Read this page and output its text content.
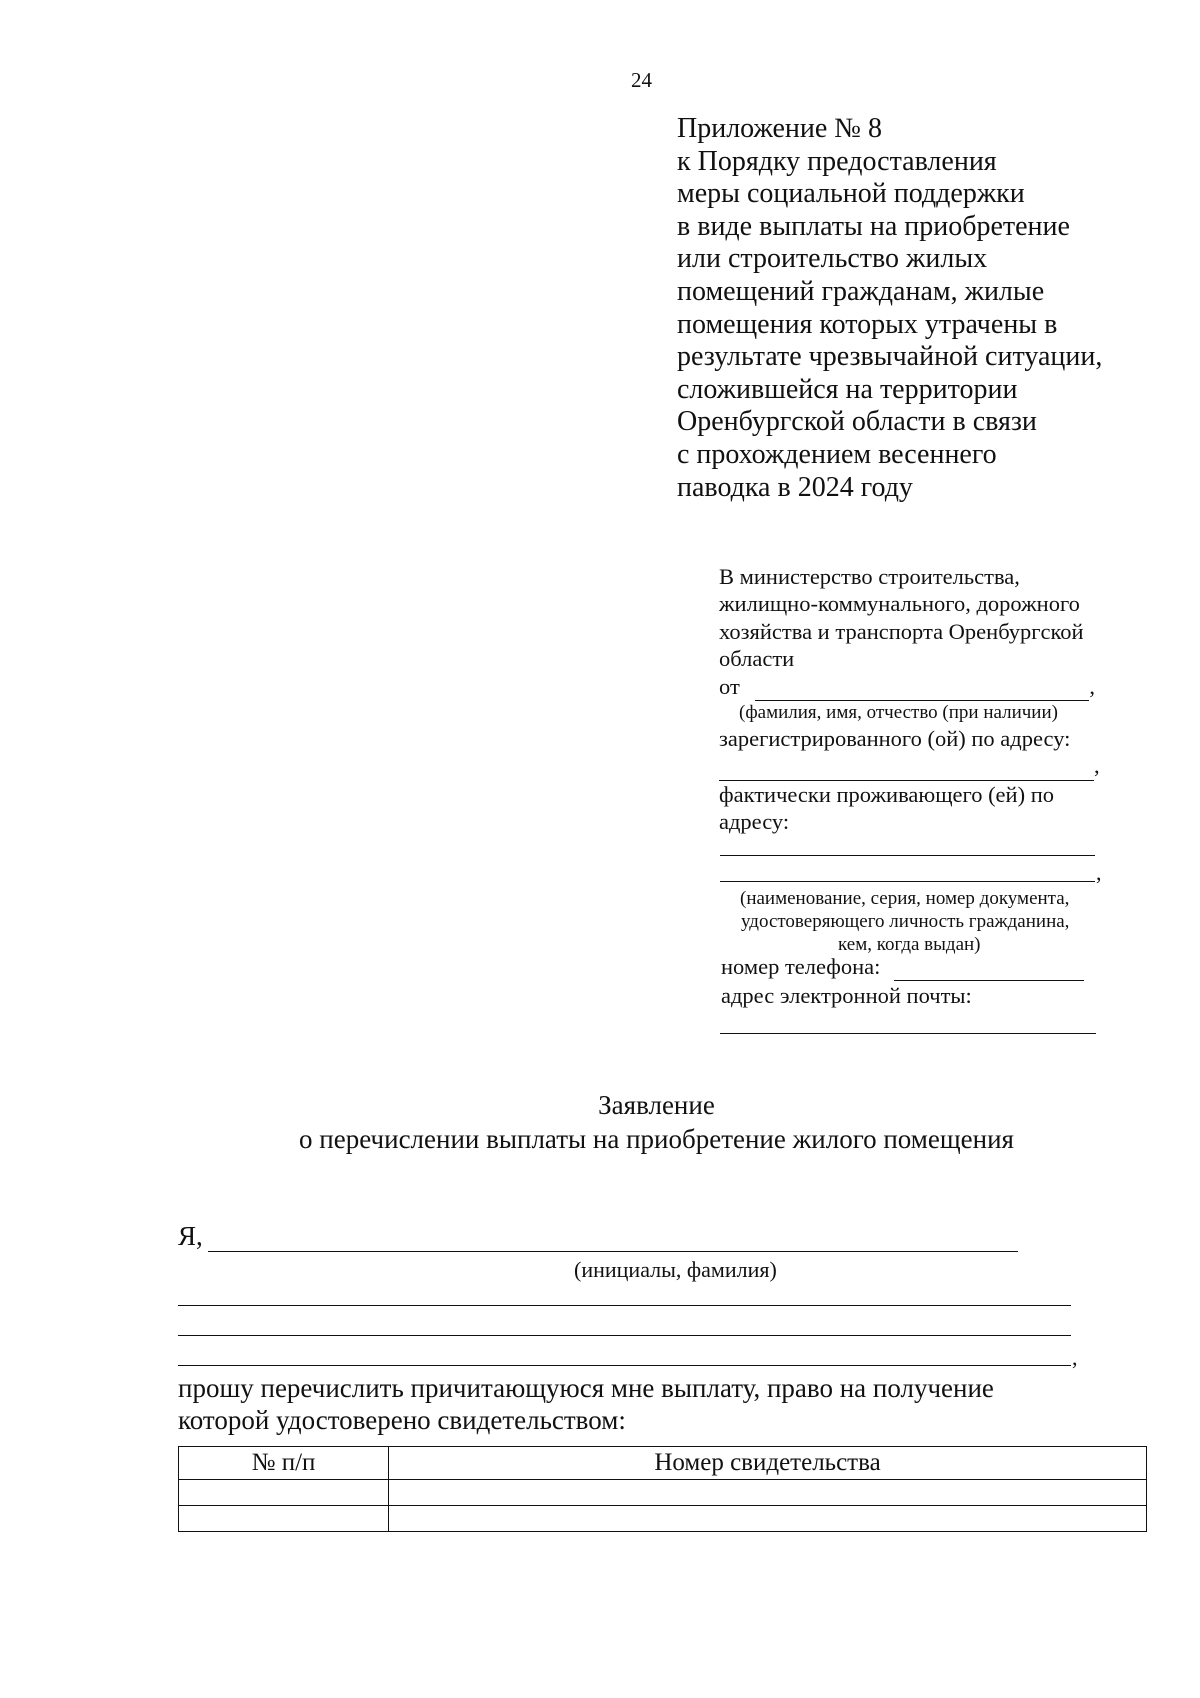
24
Приложение № 8
к Порядку предоставления
меры социальной поддержки
в виде выплаты на приобретение
или строительство жилых
помещений гражданам, жилые
помещения которых утрачены в
результате чрезвычайной ситуации,
сложившейся на территории
Оренбургской области в связи
с прохождением весеннего
паводка в 2024 году
В министерство строительства,
жилищно-коммунального, дорожного
хозяйства и транспорта Оренбургской
области
от	,
(фамилия, имя, отчество (при наличии)
зарегистрированного (ой) по адресу:
,
фактически проживающего (ей) по
адресу:
,
(наименование, серия, номер документа,
удостоверяющего личность гражданина,
кем, когда выдан)
номер телефона:
адрес электронной почты:
Заявление
о перечислении выплаты на приобретение жилого помещения
Я,
(инициалы, фамилия)
,
прошу перечислить причитающуюся мне выплату, право на получение
которой удостоверено свидетельством:
№ п/п	Номер свидетельства
